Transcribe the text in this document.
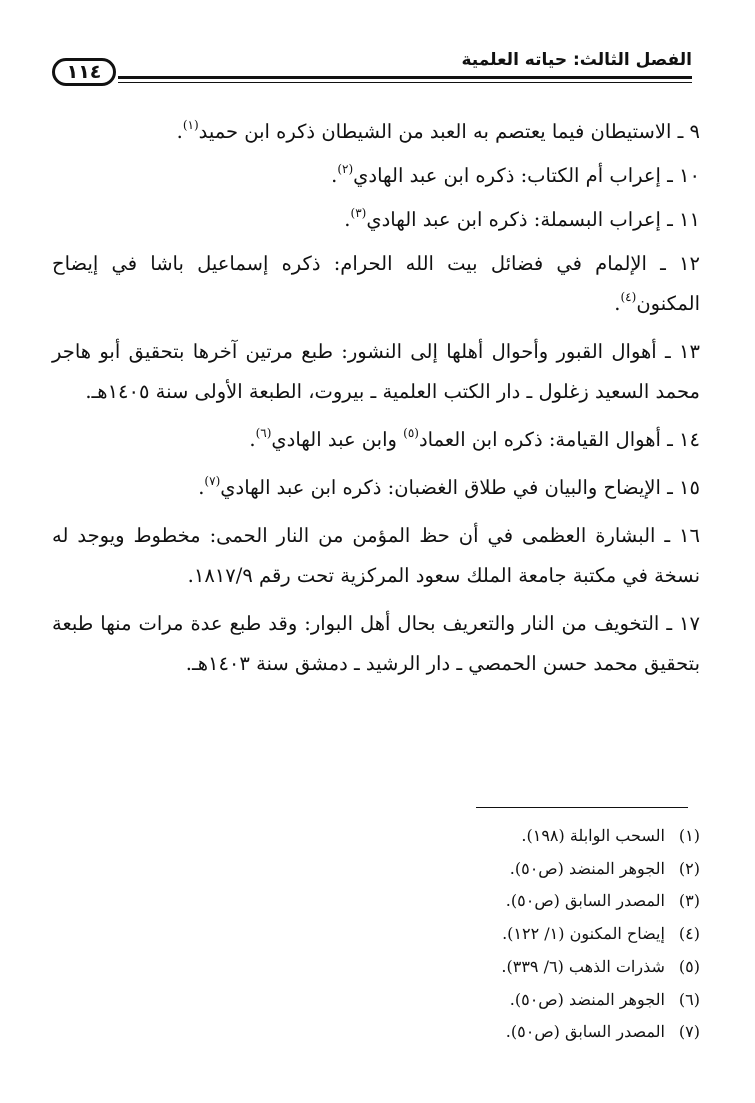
الفصل الثالث: حياته العلمية
١١٤

٩ ـ الاستيطان فيما يعتصم به العبد من الشيطان ذكره ابن حميد$^{(١)}$.

١٠ ـ إعراب أم الكتاب: ذكره ابن عبد الهادي$^{(٢)}$.

١١ ـ إعراب البسملة: ذكره ابن عبد الهادي$^{(٣)}$.

١٢ ـ الإلمام في فضائل بيت الله الحرام: ذكره إسماعيل باشا في إيضاح المكنون$^{(٤)}$.

١٣ ـ أهوال القبور وأحوال أهلها إلى النشور: طبع مرتين آخرها بتحقيق أبو هاجر محمد السعيد زغلول ـ دار الكتب العلمية ـ بيروت، الطبعة الأولى سنة ١٤٠٥هـ.

١٤ ـ أهوال القيامة: ذكره ابن العماد$^{(٥)}$ وابن عبد الهادي$^{(٦)}$.

١٥ ـ الإيضاح والبيان في طلاق الغضبان: ذكره ابن عبد الهادي$^{(٧)}$.

١٦ ـ البشارة العظمى في أن حظ المؤمن من النار الحمى: مخطوط ويوجد له نسخة في مكتبة جامعة الملك سعود المركزية تحت رقم ١٨١٧/٩.

١٧ ـ التخويف من النار والتعريف بحال أهل البوار: وقد طبع عدة مرات منها طبعة بتحقيق محمد حسن الحمصي ـ دار الرشيد ـ دمشق سنة ١٤٠٣هـ.

(١) السحب الوابلة (١٩٨).
(٢) الجوهر المنضد (ص٥٠).
(٣) المصدر السابق (ص٥٠).
(٤) إيضاح المكنون (١/ ١٢٢).
(٥) شذرات الذهب (٦/ ٣٣٩).
(٦) الجوهر المنضد (ص٥٠).
(٧) المصدر السابق (ص٥٠).
